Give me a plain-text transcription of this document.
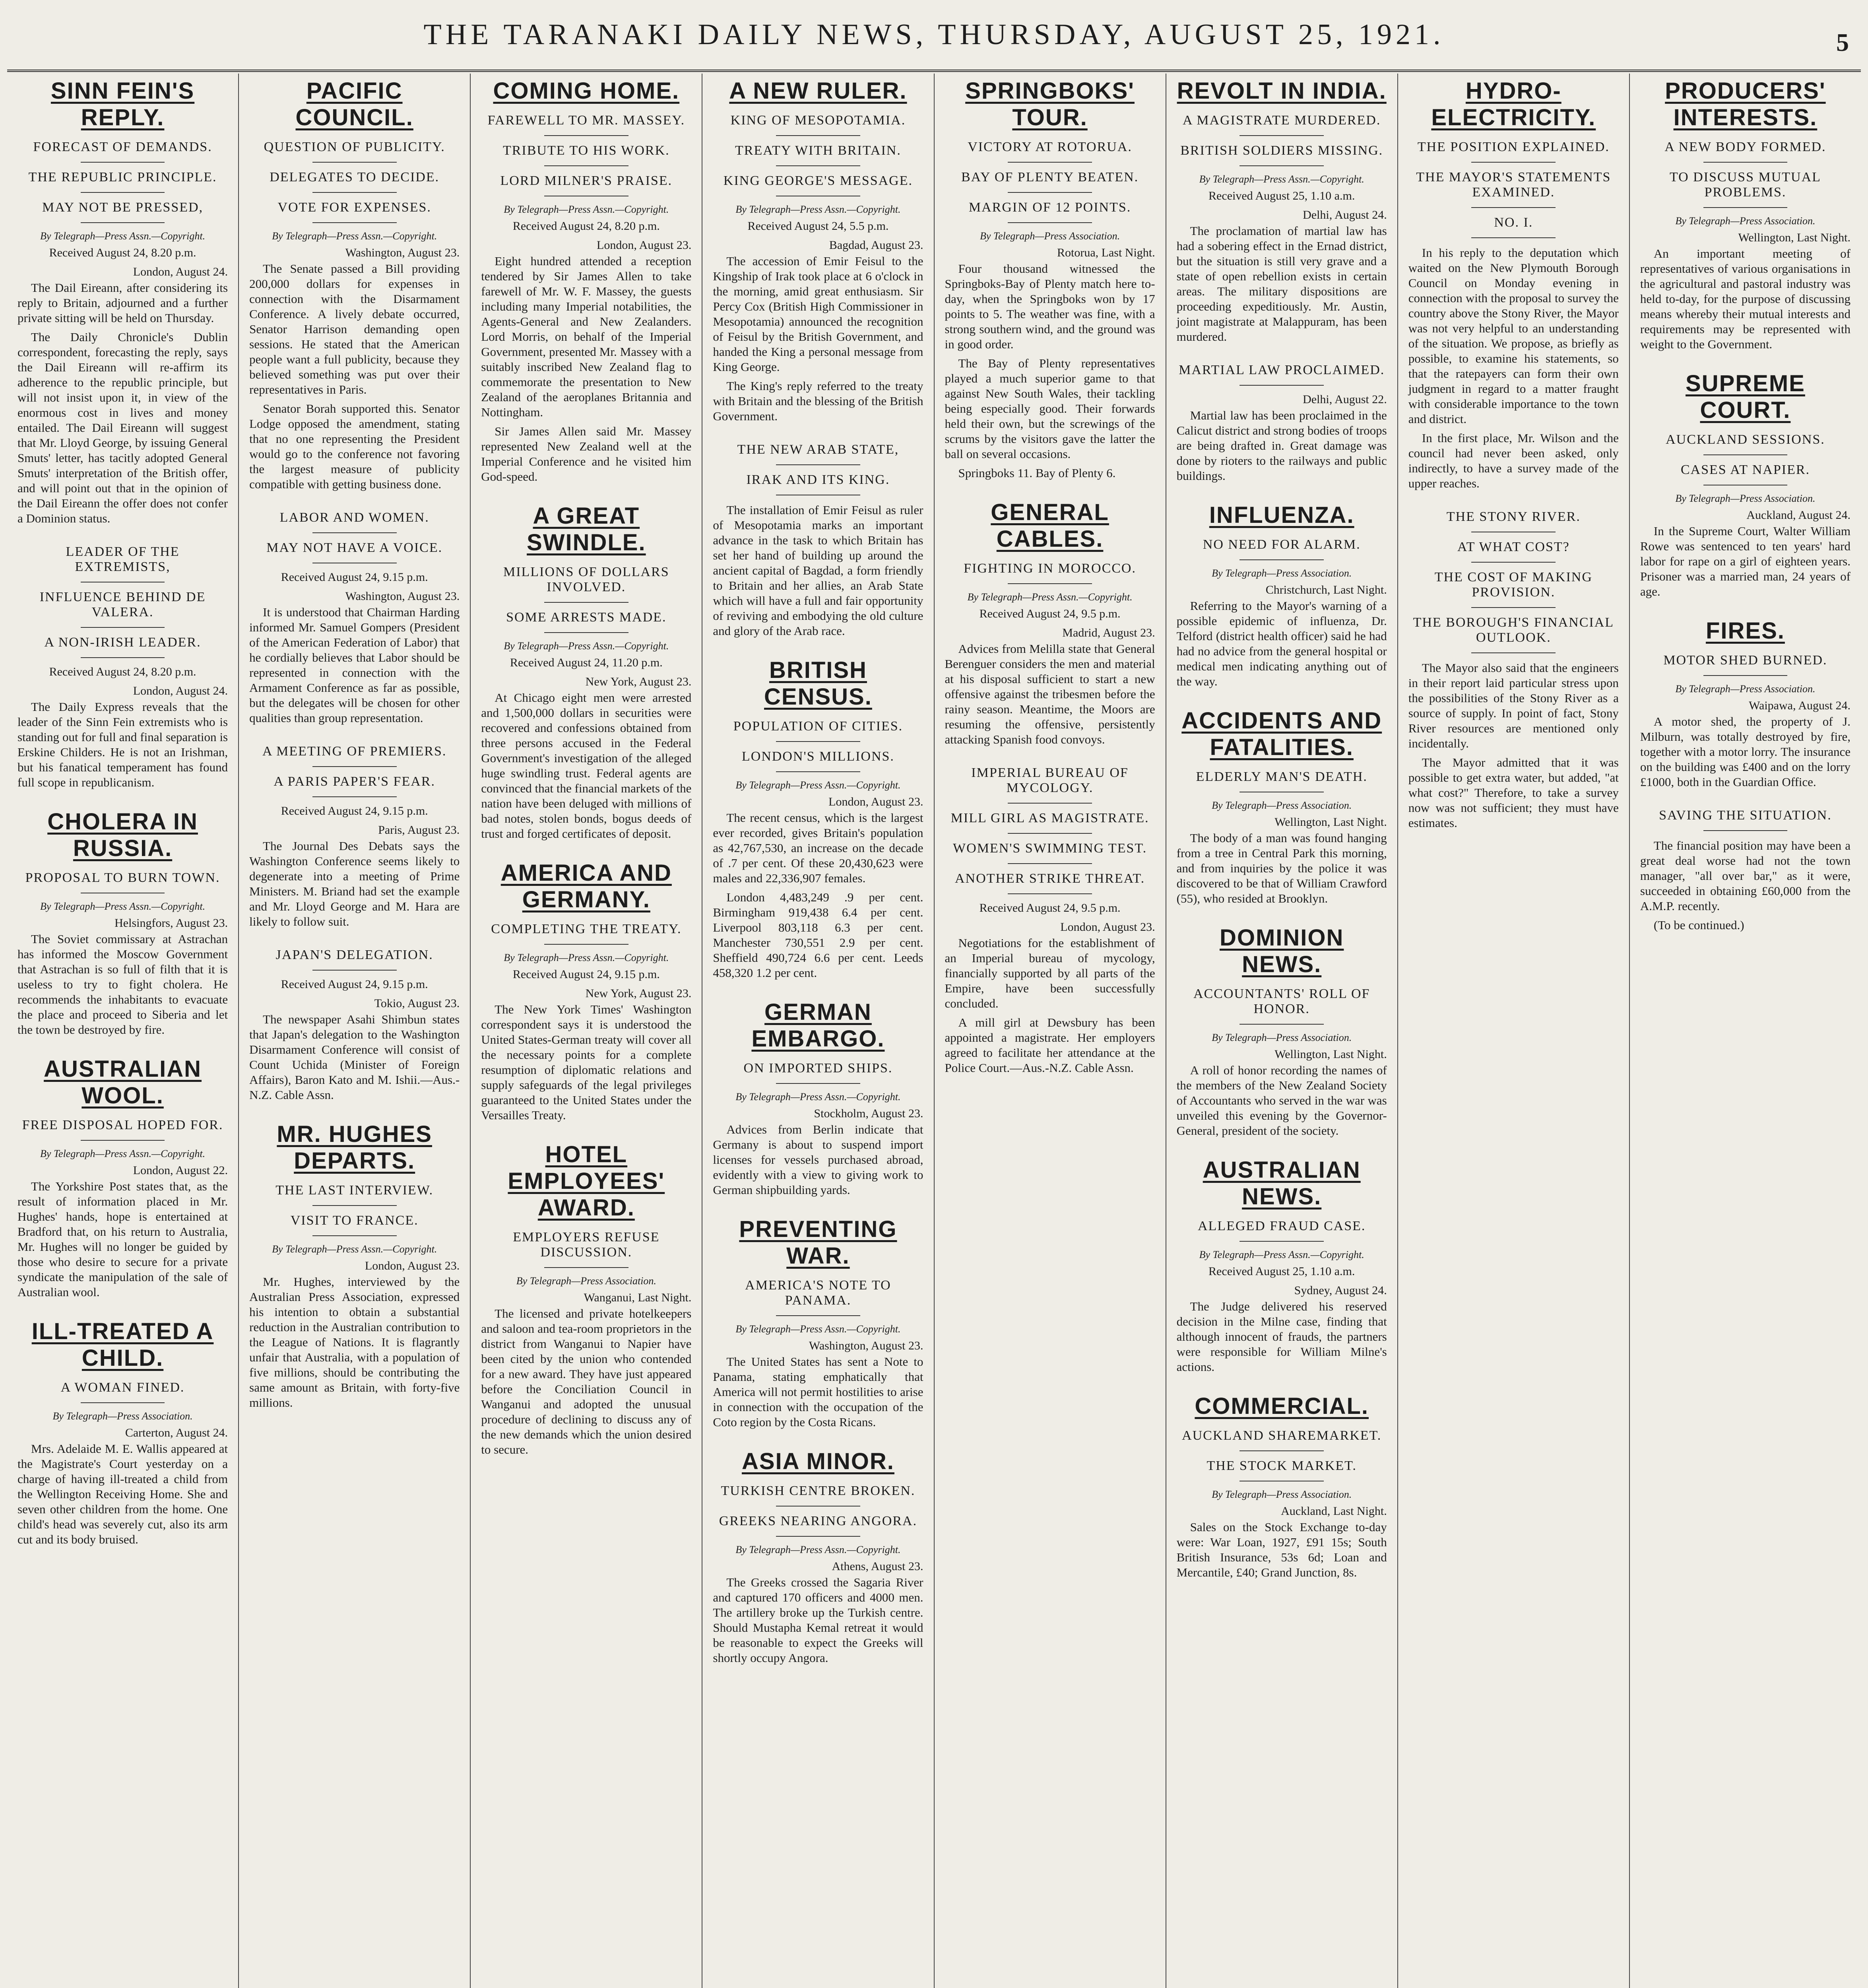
THE TARANAKI DAILY NEWS, THURSDAY, AUGUST 25, 1921.	5
SINN FEIN'S REPLY.
FORECAST OF DEMANDS.
THE REPUBLIC PRINCIPLE.
MAY NOT BE PRESSED,
By Telegraph—Press Assn.—Copyright.
Received August 24, 8.20 p.m.
London, August 24.

The Dail Eireann, after considering its reply to Britain, adjourned and a further private sitting will be held on Thursday.

The Daily Chronicle's Dublin correspondent, forecasting the reply, says the Dail Eireann will re-affirm its adherence to the republic principle, but will not insist upon it, in view of the enormous cost in lives and money entailed. The Dail Eireann will suggest that Mr. Lloyd George, by issuing General Smuts' letter, has tacitly adopted General Smuts' interpretation of the British offer, and will point out that in the opinion of the Dail Eireann the offer does not confer a Dominion status.

LEADER OF THE EXTREMISTS,
INFLUENCE BEHIND DE VALERA.
A NON-IRISH LEADER.
Received August 24, 8.20 p.m.
London, August 24.

The Daily Express reveals that the leader of the Sinn Fein extremists who is standing out for full and final separation is Erskine Childers. He is not an Irishman, but his fanatical temperament has found full scope in republicanism.

CHOLERA IN RUSSIA.
PROPOSAL TO BURN TOWN.
By Telegraph—Press Assn.—Copyright.
Helsingfors, August 23.

The Soviet commissary at Astrachan has informed the Moscow Government that Astrachan is so full of filth that it is useless to try to fight cholera. He recommends the inhabitants to evacuate the place and proceed to Siberia and let the town be destroyed by fire.

AUSTRALIAN WOOL.
FREE DISPOSAL HOPED FOR.
By Telegraph—Press Assn.—Copyright.
London, August 22.

The Yorkshire Post states that, as the result of information placed in Mr. Hughes' hands, hope is entertained at Bradford that, on his return to Australia, Mr. Hughes will no longer be guided by those who desire to secure for a private syndicate the manipulation of the sale of Australian wool.

ILL-TREATED A CHILD.
A WOMAN FINED.
By Telegraph—Press Association.
Carterton, August 24.

Mrs. Adelaide M. E. Wallis appeared at the Magistrate's Court yesterday on a charge of having ill-treated a child from the Wellington Receiving Home. She and seven other children from the home. One child's head was severely cut, also its arm cut and its body bruised.

PACIFIC COUNCIL.
QUESTION OF PUBLICITY.
DELEGATES TO DECIDE.
VOTE FOR EXPENSES.
By Telegraph—Press Assn.—Copyright.
Washington, August 23.

The Senate passed a Bill providing 200,000 dollars for expenses in connection with the Disarmament Conference. A lively debate occurred, Senator Harrison demanding open sessions. He stated that the American people want a full publicity, because they believed something was put over their representatives in Paris.

Senator Borah supported this. Senator Lodge opposed the amendment, stating that no one representing the President would go to the conference not favoring the largest measure of publicity compatible with getting business done.

LABOR AND WOMEN.
MAY NOT HAVE A VOICE.
Received August 24, 9.15 p.m.
Washington, August 23.

It is understood that Chairman Harding informed Mr. Samuel Gompers (President of the American Federation of Labor) that he cordially believes that Labor should be represented in connection with the Armament Conference as far as possible, but the delegates will be chosen for other qualities than group representation.

A MEETING OF PREMIERS.
A PARIS PAPER'S FEAR.
Received August 24, 9.15 p.m.
Paris, August 23.

The Journal Des Debats says the Washington Conference seems likely to degenerate into a meeting of Prime Ministers. M. Briand had set the example and Mr. Lloyd George and M. Hara are likely to follow suit.

JAPAN'S DELEGATION.
Received August 24, 9.15 p.m.
Tokio, August 23.

The newspaper Asahi Shimbun states that Japan's delegation to the Washington Disarmament Conference will consist of Count Uchida (Minister of Foreign Affairs), Baron Kato and M. Ishii.—Aus.-N.Z. Cable Assn.

MR. HUGHES DEPARTS.
THE LAST INTERVIEW.
VISIT TO FRANCE.
By Telegraph—Press Assn.—Copyright.
London, August 23.

Mr. Hughes, interviewed by the Australian Press Association, expressed his intention to obtain a substantial reduction in the Australian contribution to the League of Nations. It is flagrantly unfair that Australia, with a population of five millions, should be contributing the same amount as Britain, with forty-five millions.

COMING HOME.
FAREWELL TO MR. MASSEY.
TRIBUTE TO HIS WORK.
LORD MILNER'S PRAISE.
By Telegraph—Press Assn.—Copyright.
Received August 24, 8.20 p.m.
London, August 23.

Eight hundred attended a reception tendered by Sir James Allen to take farewell of Mr. W. F. Massey, the guests including many Imperial notabilities, the Agents-General and New Zealanders. Lord Morris, on behalf of the Imperial Government, presented Mr. Massey with a suitably inscribed New Zealand flag to commemorate the presentation to New Zealand of the aeroplanes Britannia and Nottingham.

Sir James Allen said Mr. Massey represented New Zealand well at the Imperial Conference and he visited him God-speed.

A GREAT SWINDLE.
MILLIONS OF DOLLARS INVOLVED.
SOME ARRESTS MADE.
By Telegraph—Press Assn.—Copyright.
Received August 24, 11.20 p.m.
New York, August 23.

At Chicago eight men were arrested and 1,500,000 dollars in securities were recovered and confessions obtained from three persons accused in the Federal Government's investigation of the alleged huge swindling trust. Federal agents are convinced that the financial markets of the nation have been deluged with millions of bad notes, stolen bonds, bogus deeds of trust and forged certificates of deposit.

AMERICA AND GERMANY.
COMPLETING THE TREATY.
By Telegraph—Press Assn.—Copyright.
Received August 24, 9.15 p.m.
New York, August 23.

The New York Times' Washington correspondent says it is understood the United States-German treaty will cover all the necessary points for a complete resumption of diplomatic relations and supply safeguards of the legal privileges guaranteed to the United States under the Versailles Treaty.

HOTEL EMPLOYEES' AWARD.
EMPLOYERS REFUSE DISCUSSION.
By Telegraph—Press Association.
Wanganui, Last Night.

The licensed and private hotelkeepers and saloon and tea-room proprietors in the district from Wanganui to Napier have been cited by the union who contended for a new award. They have just appeared before the Conciliation Council in Wanganui and adopted the unusual procedure of declining to discuss any of the new demands which the union desired to secure.

A NEW RULER.
KING OF MESOPOTAMIA.
TREATY WITH BRITAIN.
KING GEORGE'S MESSAGE.
By Telegraph—Press Assn.—Copyright.
Received August 24, 5.5 p.m.
Bagdad, August 23.

The accession of Emir Feisul to the Kingship of Irak took place at 6 o'clock in the morning, amid great enthusiasm. Sir Percy Cox (British High Commissioner in Mesopotamia) announced the recognition of Feisul by the British Government, and handed the King a personal message from King George.

The King's reply referred to the treaty with Britain and the blessing of the British Government.

THE NEW ARAB STATE,
IRAK AND ITS KING.

The installation of Emir Feisul as ruler of Mesopotamia marks an important advance in the task to which Britain has set her hand of building up around the ancient capital of Bagdad, a form friendly to Britain and her allies, an Arab State which will have a full and fair opportunity of reviving and embodying the old culture and glory of the Arab race.

BRITISH CENSUS.
POPULATION OF CITIES.
LONDON'S MILLIONS.
By Telegraph—Press Assn.—Copyright.
London, August 23.

The recent census, which is the largest ever recorded, gives Britain's population as 42,767,530, an increase on the decade of .7 per cent. Of these 20,430,623 were males and 22,336,907 females.

London 4,483,249 .9 per cent. Birmingham 919,438 6.4 per cent. Liverpool 803,118 6.3 per cent. Manchester 730,551 2.9 per cent. Sheffield 490,724 6.6 per cent. Leeds 458,320 1.2 per cent.

GERMAN EMBARGO.
ON IMPORTED SHIPS.
By Telegraph—Press Assn.—Copyright.
Stockholm, August 23.

Advices from Berlin indicate that Germany is about to suspend import licenses for vessels purchased abroad, evidently with a view to giving work to German shipbuilding yards.

PREVENTING WAR.
AMERICA'S NOTE TO PANAMA.
By Telegraph—Press Assn.—Copyright.
Washington, August 23.

The United States has sent a Note to Panama, stating emphatically that America will not permit hostilities to arise in connection with the occupation of the Coto region by the Costa Ricans.

ASIA MINOR.
TURKISH CENTRE BROKEN.
GREEKS NEARING ANGORA.
By Telegraph—Press Assn.—Copyright.
Athens, August 23.

The Greeks crossed the Sagaria River and captured 170 officers and 4000 men. The artillery broke up the Turkish centre. Should Mustapha Kemal retreat it would be reasonable to expect the Greeks will shortly occupy Angora.

SPRINGBOKS' TOUR.
VICTORY AT ROTORUA.
BAY OF PLENTY BEATEN.
MARGIN OF 12 POINTS.
By Telegraph—Press Association.
Rotorua, Last Night.

Four thousand witnessed the Springboks-Bay of Plenty match here to-day, when the Springboks won by 17 points to 5. The weather was fine, with a strong southern wind, and the ground was in good order.

The Bay of Plenty representatives played a much superior game to that against New South Wales, their tackling being especially good. Their forwards held their own, but the screwings of the scrums by the visitors gave the latter the ball on several occasions.

Springboks 11. Bay of Plenty 6.

GENERAL CABLES.
FIGHTING IN MOROCCO.
By Telegraph—Press Assn.—Copyright.
Received August 24, 9.5 p.m.
Madrid, August 23.

Advices from Melilla state that General Berenguer considers the men and material at his disposal sufficient to start a new offensive against the tribesmen before the rainy season. Meantime, the Moors are resuming the offensive, persistently attacking Spanish food convoys.

IMPERIAL BUREAU OF MYCOLOGY.
MILL GIRL AS MAGISTRATE.
WOMEN'S SWIMMING TEST.
ANOTHER STRIKE THREAT.
Received August 24, 9.5 p.m.
London, August 23.

Negotiations for the establishment of an Imperial bureau of mycology, financially supported by all parts of the Empire, have been successfully concluded.

A mill girl at Dewsbury has been appointed a magistrate. Her employers agreed to facilitate her attendance at the Police Court.—Aus.-N.Z. Cable Assn.

REVOLT IN INDIA.
A MAGISTRATE MURDERED.
BRITISH SOLDIERS MISSING.
By Telegraph—Press Assn.—Copyright.
Received August 25, 1.10 a.m.
Delhi, August 24.

The proclamation of martial law has had a sobering effect in the Ernad district, but the situation is still very grave and a state of open rebellion exists in certain areas. The military dispositions are proceeding expeditiously. Mr. Austin, joint magistrate at Malappuram, has been murdered.

MARTIAL LAW PROCLAIMED.
Delhi, August 22.

Martial law has been proclaimed in the Calicut district and strong bodies of troops are being drafted in. Great damage was done by rioters to the railways and public buildings.

INFLUENZA.
NO NEED FOR ALARM.
By Telegraph—Press Association.
Christchurch, Last Night.

Referring to the Mayor's warning of a possible epidemic of influenza, Dr. Telford (district health officer) said he had had no advice from the general hospital or medical men indicating anything out of the way.

ACCIDENTS AND FATALITIES.
ELDERLY MAN'S DEATH.
By Telegraph—Press Association.
Wellington, Last Night.

The body of a man was found hanging from a tree in Central Park this morning, and from inquiries by the police it was discovered to be that of William Crawford (55), who resided at Brooklyn.

DOMINION NEWS.
ACCOUNTANTS' ROLL OF HONOR.
By Telegraph—Press Association.
Wellington, Last Night.

A roll of honor recording the names of the members of the New Zealand Society of Accountants who served in the war was unveiled this evening by the Governor-General, president of the society.

AUSTRALIAN NEWS.
ALLEGED FRAUD CASE.
By Telegraph—Press Assn.—Copyright.
Received August 25, 1.10 a.m.
Sydney, August 24.

The Judge delivered his reserved decision in the Milne case, finding that although innocent of frauds, the partners were responsible for William Milne's actions.

COMMERCIAL.
AUCKLAND SHAREMARKET.
THE STOCK MARKET.
By Telegraph—Press Association.
Auckland, Last Night.

Sales on the Stock Exchange to-day were: War Loan, 1927, £91 15s; South British Insurance, 53s 6d; Loan and Mercantile, £40; Grand Junction, 8s.

HYDRO-ELECTRICITY.
THE POSITION EXPLAINED.
THE MAYOR'S STATEMENTS EXAMINED.
NO. I.

In his reply to the deputation which waited on the New Plymouth Borough Council on Monday evening in connection with the proposal to survey the country above the Stony River, the Mayor was not very helpful to an understanding of the situation. We propose, as briefly as possible, to examine his statements, so that the ratepayers can form their own judgment in regard to a matter fraught with considerable importance to the town and district.

In the first place, Mr. Wilson and the council had never been asked, only indirectly, to have a survey made of the upper reaches.

THE STONY RIVER.
AT WHAT COST?
THE COST OF MAKING PROVISION.
THE BOROUGH'S FINANCIAL OUTLOOK.

The Mayor also said that the engineers in their report laid particular stress upon the possibilities of the Stony River as a source of supply. In point of fact, Stony River resources are mentioned only incidentally.

The Mayor admitted that it was possible to get extra water, but added, "at what cost?" Therefore, to take a survey now was not sufficient; they must have estimates.

PRODUCERS' INTERESTS.
A NEW BODY FORMED.
TO DISCUSS MUTUAL PROBLEMS.
By Telegraph—Press Association.
Wellington, Last Night.

An important meeting of representatives of various organisations in the agricultural and pastoral industry was held to-day, for the purpose of discussing means whereby their mutual interests and requirements may be represented with weight to the Government.

SUPREME COURT.
AUCKLAND SESSIONS.
CASES AT NAPIER.
By Telegraph—Press Association.
Auckland, August 24.

In the Supreme Court, Walter William Rowe was sentenced to ten years' hard labor for rape on a girl of eighteen years. Prisoner was a married man, 24 years of age.

FIRES.
MOTOR SHED BURNED.
By Telegraph—Press Association.
Waipawa, August 24.

A motor shed, the property of J. Milburn, was totally destroyed by fire, together with a motor lorry. The insurance on the building was £400 and on the lorry £1000, both in the Guardian Office.

SAVING THE SITUATION.

The financial position may have been a great deal worse had not the town manager, "all over bar," as it were, succeeded in obtaining £60,000 from the A.M.P. recently.

(To be continued.)
